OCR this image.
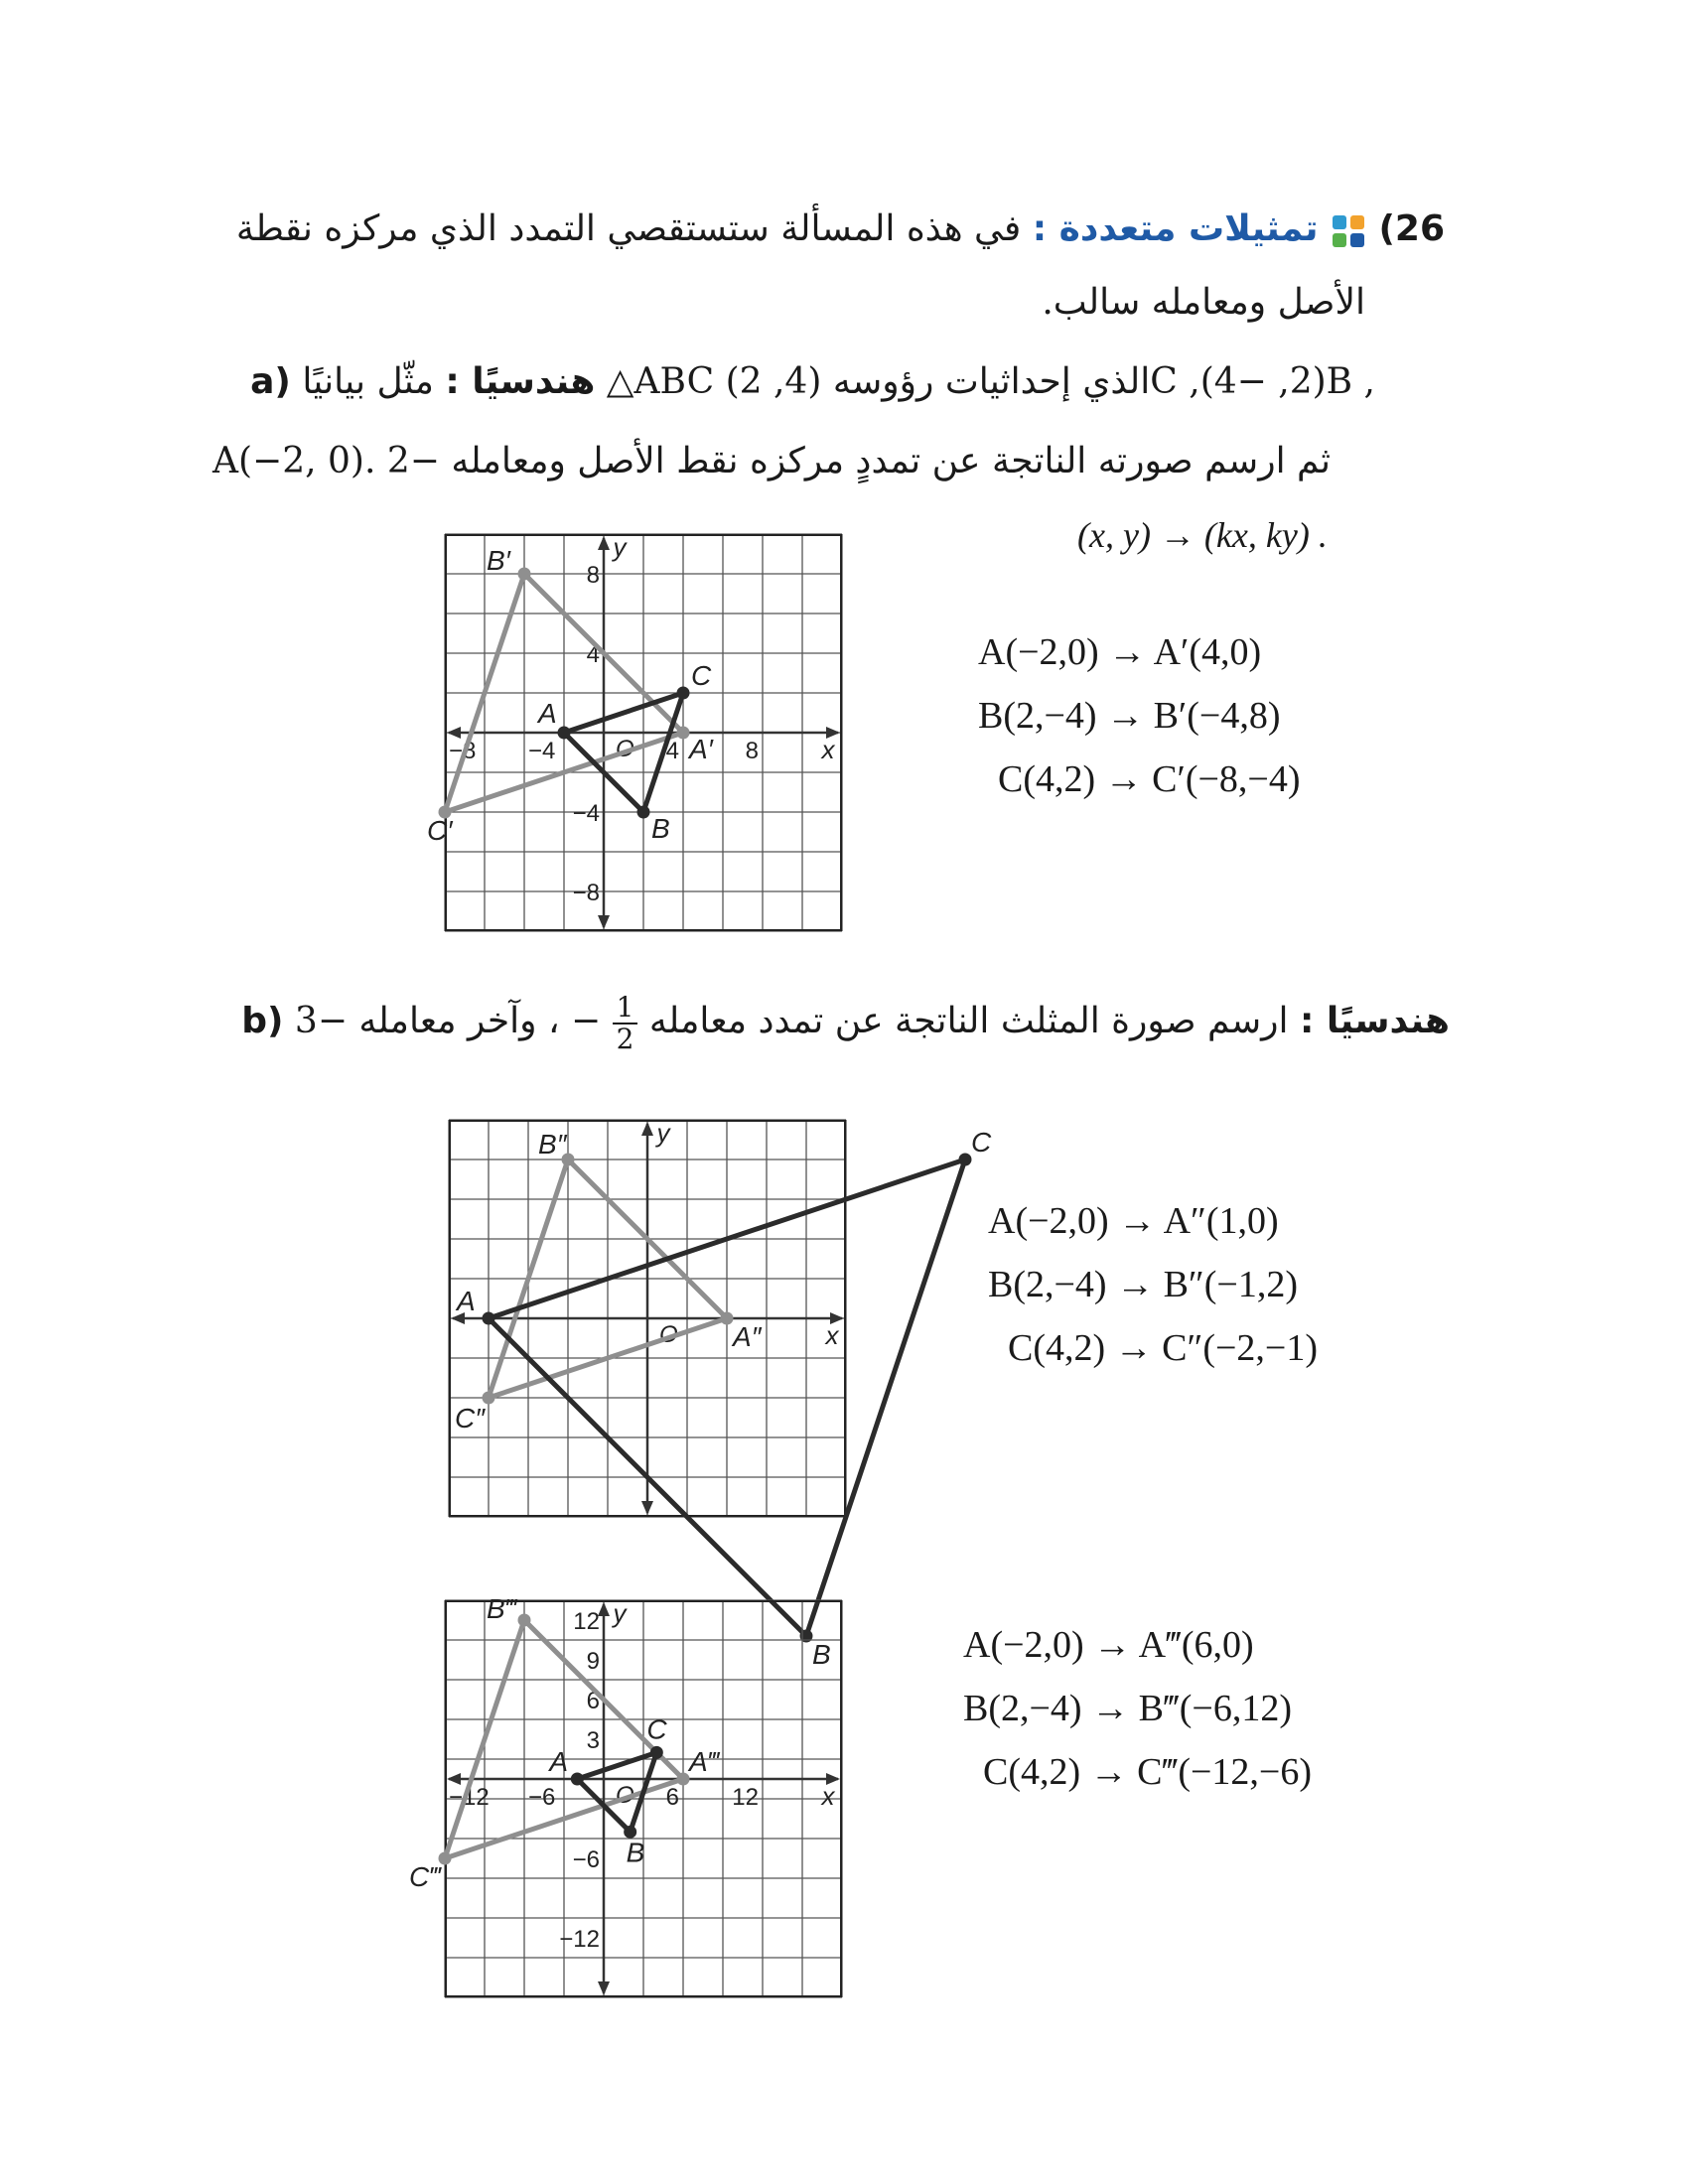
26)  تمثيلات متعددة : في هذه المسألة ستستقصي التمدد الذي مركزه نقطة
الأصل ومعامله سالب.
a)	هندسيًا : مثّل بيانيًا △ABC الذي إحداثيات رؤوسه (4, 2)C ,(4− ,2)B ,
A(−2, 0). ثم ارسم صورته الناتجة عن تمددٍ مركزه نقط الأصل ومعامله −2
(x, y) → (kx, ky) .
x
y
O
−8 −4	4	8
8
4
−4
−8
A′
B′
C′
A
B
C
A(−2,0) → A′(4,0)
B(2,−4) → B′(−4,8)
C(4,2) → C′(−8,−4)
b)	هندسيًا : ارسم صورة المثلث الناتجة عن تمدد معامله
$\frac{1}{2}$
− ، وآخر معامله −3
x
y
O A″
B″
C″
A
B
C
A(−2,0) → A″(1,0)
B(2,−4) → B″(−1,2)
C(4,2) → C″(−2,−1)
x
y
O
−12 −6	6 12
12
9
6
3
−6
−12
A‴
B‴
C‴
A
B
C
A(−2,0) → A‴(6,0)
B(2,−4) → B‴(−6,12)
C(4,2) → C‴(−12,−6)
